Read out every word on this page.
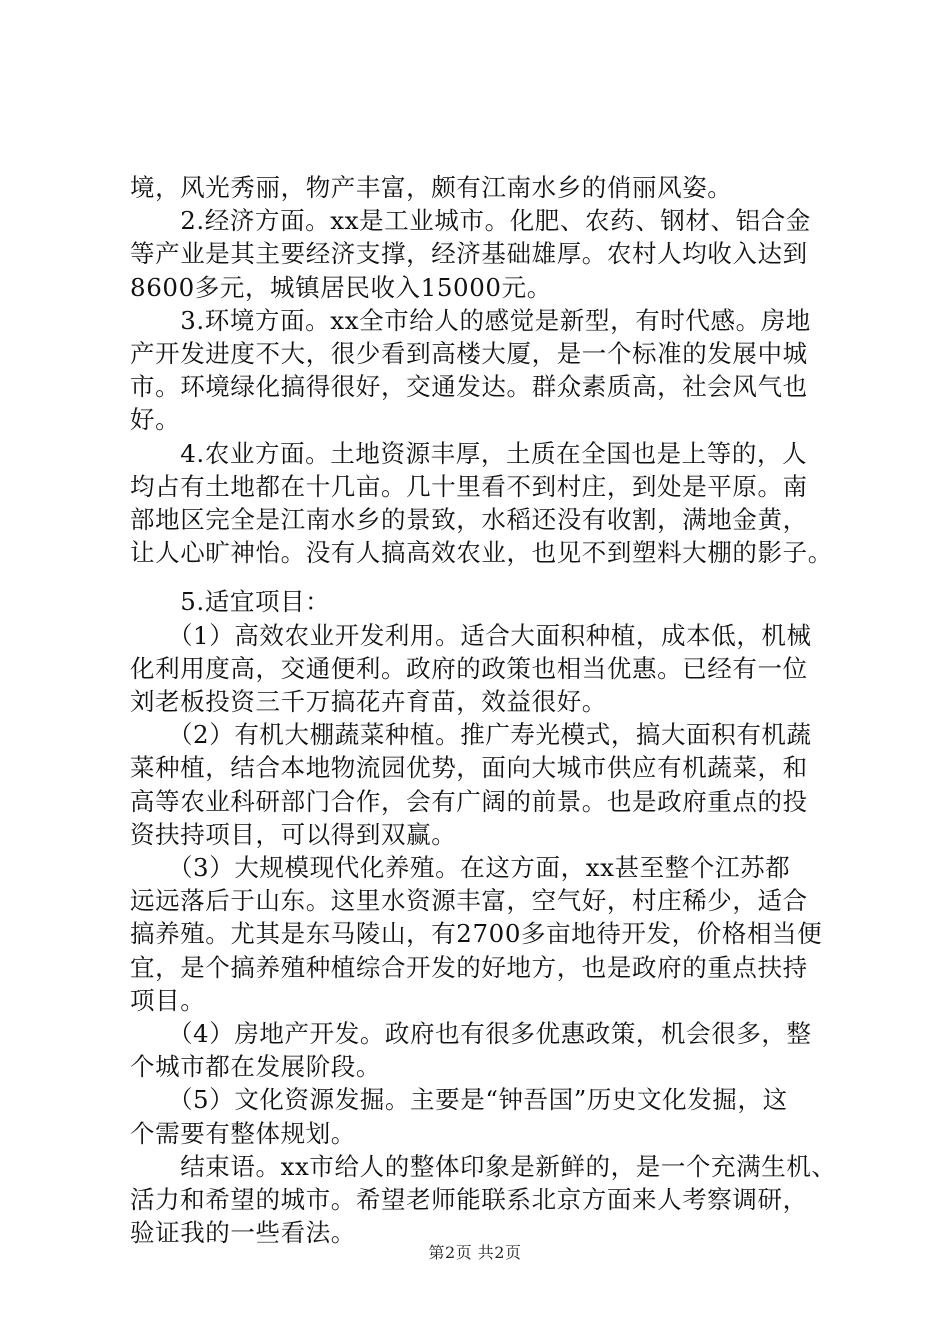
境，风光秀丽，物产丰富，颇有江南水乡的俏丽风姿。
　　2.经济方面。xx是工业城市。化肥、农药、钢材、铝合金
等产业是其主要经济支撑，经济基础雄厚。农村人均收入达到
8600多元，城镇居民收入15000元。
　　3.环境方面。xx全市给人的感觉是新型，有时代感。房地
产开发进度不大，很少看到高楼大厦，是一个标准的发展中城
市。环境绿化搞得很好，交通发达。群众素质高，社会风气也
好。
　　4.农业方面。土地资源丰厚，土质在全国也是上等的，人
均占有土地都在十几亩。几十里看不到村庄，到处是平原。南
部地区完全是江南水乡的景致，水稻还没有收割，满地金黄，
让人心旷神怡。没有人搞高效农业，也见不到塑料大棚的影子。
　　5.适宜项目：
　　（1）高效农业开发利用。适合大面积种植，成本低，机械
化利用度高，交通便利。政府的政策也相当优惠。已经有一位
刘老板投资三千万搞花卉育苗，效益很好。
　　（2）有机大棚蔬菜种植。推广寿光模式，搞大面积有机蔬
菜种植，结合本地物流园优势，面向大城市供应有机蔬菜，和
高等农业科研部门合作，会有广阔的前景。也是政府重点的投
资扶持项目，可以得到双赢。
　　（3）大规模现代化养殖。在这方面，xx甚至整个江苏都
远远落后于山东。这里水资源丰富，空气好，村庄稀少，适合
搞养殖。尤其是东马陵山，有2700多亩地待开发，价格相当便
宜，是个搞养殖种植综合开发的好地方，也是政府的重点扶持
项目。
　　（4）房地产开发。政府也有很多优惠政策，机会很多，整
个城市都在发展阶段。
　　（5）文化资源发掘。主要是“钟吾国”历史文化发掘，这
个需要有整体规划。
　　结束语。xx市给人的整体印象是新鲜的，是一个充满生机、
活力和希望的城市。希望老师能联系北京方面来人考察调研，
验证我的一些看法。
第2页 共2页
